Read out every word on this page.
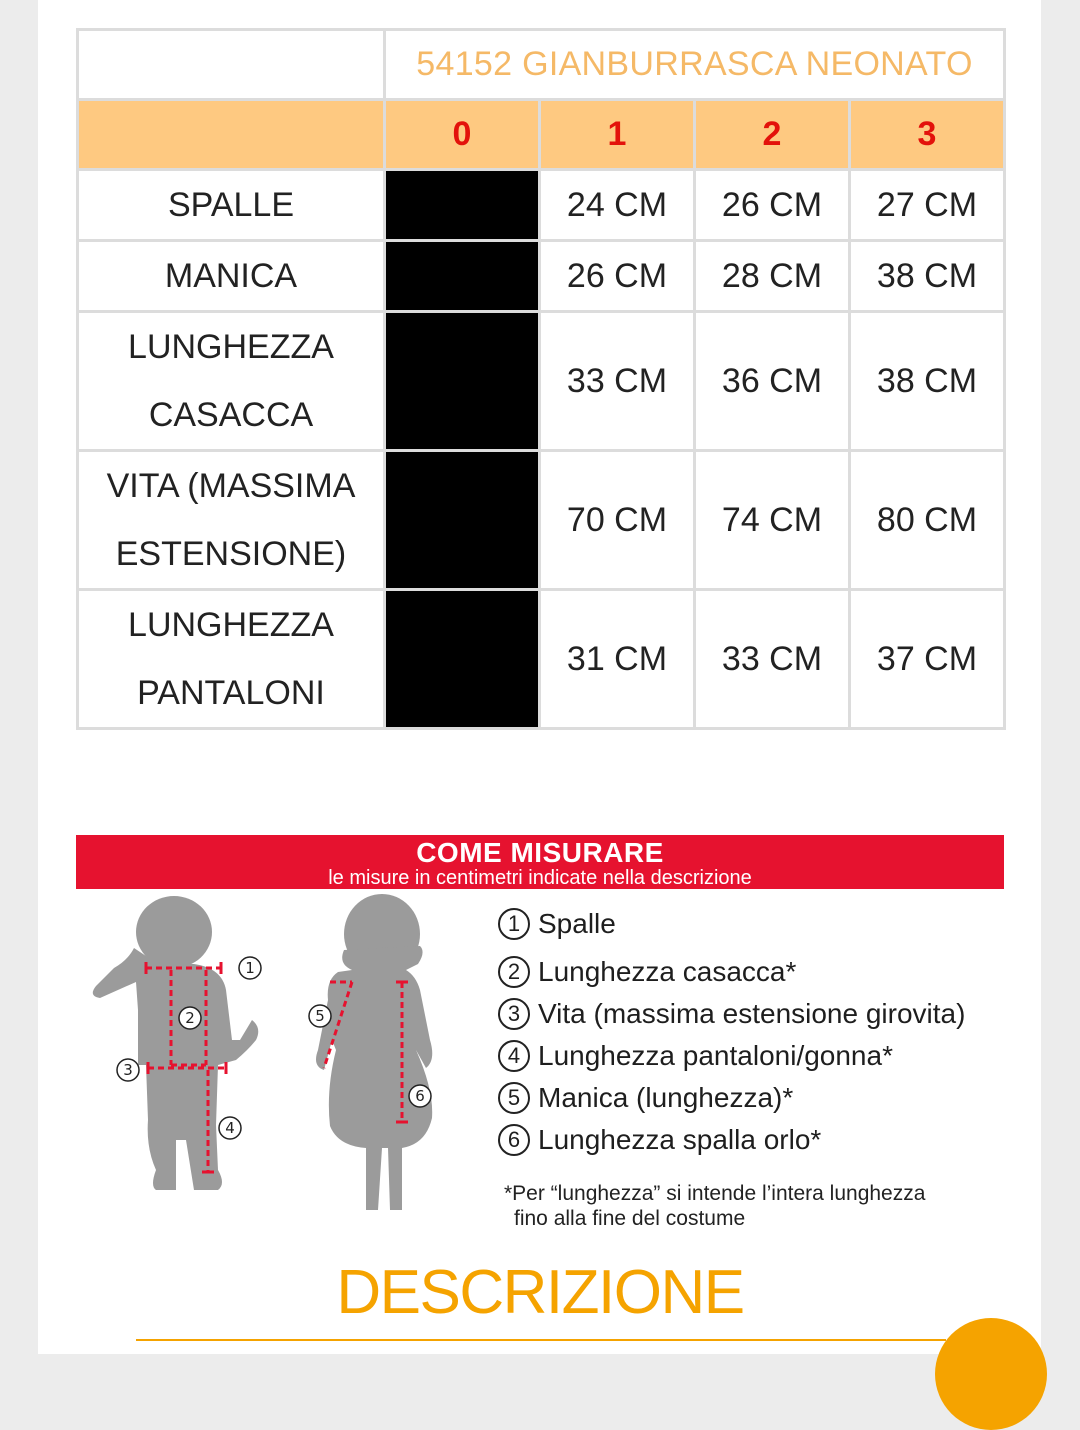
	54152 GIANBURRASCA NEONATO			
	0	1	2	3
SPALLE		24 CM	26 CM	27 CM
MANICA		26 CM	28 CM	38 CM
LUNGHEZZA
CASACCA		33 CM	36 CM	38 CM
VITA (MASSIMA
ESTENSIONE)		70 CM	74 CM	80 CM
LUNGHEZZA
PANTALONI		31 CM	33 CM	37 CM
COME MISURARE
le misure in centimetri indicate nella descrizione
1
2
3
4
5
6
1 Spalle
2 Lunghezza casacca*
3 Vita (massima estensione girovita)
4 Lunghezza pantaloni/gonna*
5 Manica (lunghezza)*
6 Lunghezza spalla orlo*
*Per “lunghezza” si intende l’intera lunghezza
fino alla fine del costume
DESCRIZIONE
